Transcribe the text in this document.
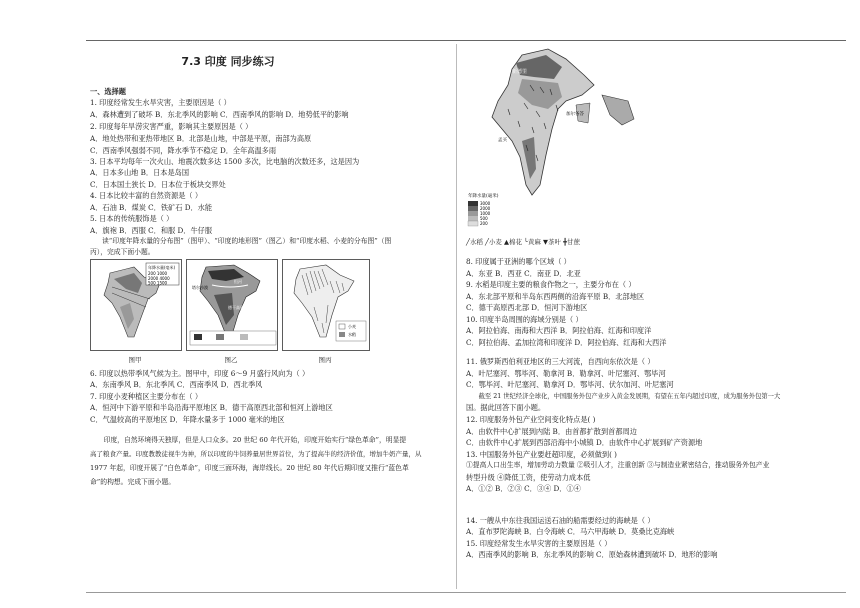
7.3 印度 同步练习
一、选择题
1. 印度经常发生水旱灾害，主要原因是（ ）
A．森林遭到了破坏 B．东北季风的影响 C．西南季风的影响 D．地势低平的影响
2. 印度每年旱涝灾害严重，影响其主要原因是（ ）
A．地处热带和亚热带地区 B．北部是山地，中部是平原，南部为高原
C．西南季风强弱不同，降水季节不稳定 D．全年高温多雨
3. 日本平均每年一次火山、地震次数多达 1500 多次，比电脑的次数还多，这是因为
A．日本多山地 B．日本是岛国
C．日本国土狭长 D．日本位于板块交界处
4. 日本比较丰富的自然资源是（ ）
A．石油 B．煤炭 C．铁矿石 D．水能
5. 日本的传统服饰是（ ）
A．旗袍 B．西服 C．和服 D．牛仔服
读“印度年降水量的分布图”（图甲）、“印度的地形图”（图乙）和“印度水稻、小麦的分布图”（图
丙），完成下面小题。
年降水量(毫米)
200 1000
2000 4000
500 1500
图甲
德干高原
塔尔沙漠
恒河
图乙
小麦
水稻
图丙
6. 印度以热带季风气候为主。图甲中，印度 6～9 月盛行风向为（ ）
A．东南季风 B．东北季风 C．西南季风 D．西北季风
7. 印度小麦种植区主要分布在（ ）
A．恒河中下游平原和半岛沿海平原地区 B．德干高原西北部和恒河上游地区
C．气温较高的平原地区 D．年降水量多于 1000 毫米的地区
　　印度，自然环境得天独厚，但是人口众多。20 世纪 60 年代开始，印度开始实行“绿色革命”，明显提
高了粮食产量。印度教教徒视牛为神，所以印度的牛饲养量居世界首位，为了提高牛的经济价值，增加牛奶产量，从
1977 年起，印度开展了“白色革命”，印度三面环海，海岸线长。20 世纪 80 年代后期印度又推行“蓝色革
命”的构想。完成下面小题。
新德里
加尔各答
孟买
年降水量(毫米)
3000
2000
1000
500
200
╱水稻 ╱小麦 ▲棉花 ╰黄麻 ▼茶叶 ╋甘蔗
8. 印度属于亚洲的哪个区域（ ）
A．东亚 B．西亚 C．南亚 D．北亚
9. 水稻是印度主要的粮食作物之一，主要分布在（ ）
A．东北部平原和半岛东西两侧的沿海平原 B．北部地区
C．德干高原西北部 D．恒河下游地区
10. 印度半岛周围的海域分别是（ ）
A．阿拉伯海、南海和大西洋 B．阿拉伯海、红海和印度洋
C．阿拉伯海、孟加拉湾和印度洋 D．阿拉伯海、红海和大西洋
11. 俄罗斯西伯利亚地区的三大河流，自西向东依次是（ ）
A．叶尼塞河、鄂毕河、勒拿河 B．勒拿河、叶尼塞河、鄂毕河
C．鄂毕河、叶尼塞河、勒拿河 D．鄂毕河、伏尔加河、叶尼塞河
　　截至 21 世纪经济全球化，中国服务外包产业步入黄金发展期，有望在五年内超过印度，成为服务外包第一大
国。据此回答下面小题。
12. 印度服务外包产业空间变化特点是( )
A．由软件中心扩展到内陆 B．由首都扩散到首都周边
C．由软件中心扩展到西部沿海中小城镇 D．由软件中心扩展到矿产资源地
13. 中国服务外包产业要赶超印度，必须做到( )
①提高人口出生率，增加劳动力数量 ②吸引人才，注重创新 ③与制造业紧密结合，推动服务外包产业
转型升级 ④降低工资，使劳动力成本低
A．①② B．②③ C．③④ D．①④
14. 一艘从中东往我国运送石油的船需要经过的海峡是（ ）
A．直布罗陀海峡 B．白令海峡 C．马六甲海峡 D．莫桑比克海峡
15. 印度经常发生水旱灾害的主要原因是（ ）
A．西南季风的影响 B．东北季风的影响 C．原始森林遭到破坏 D．地形的影响
